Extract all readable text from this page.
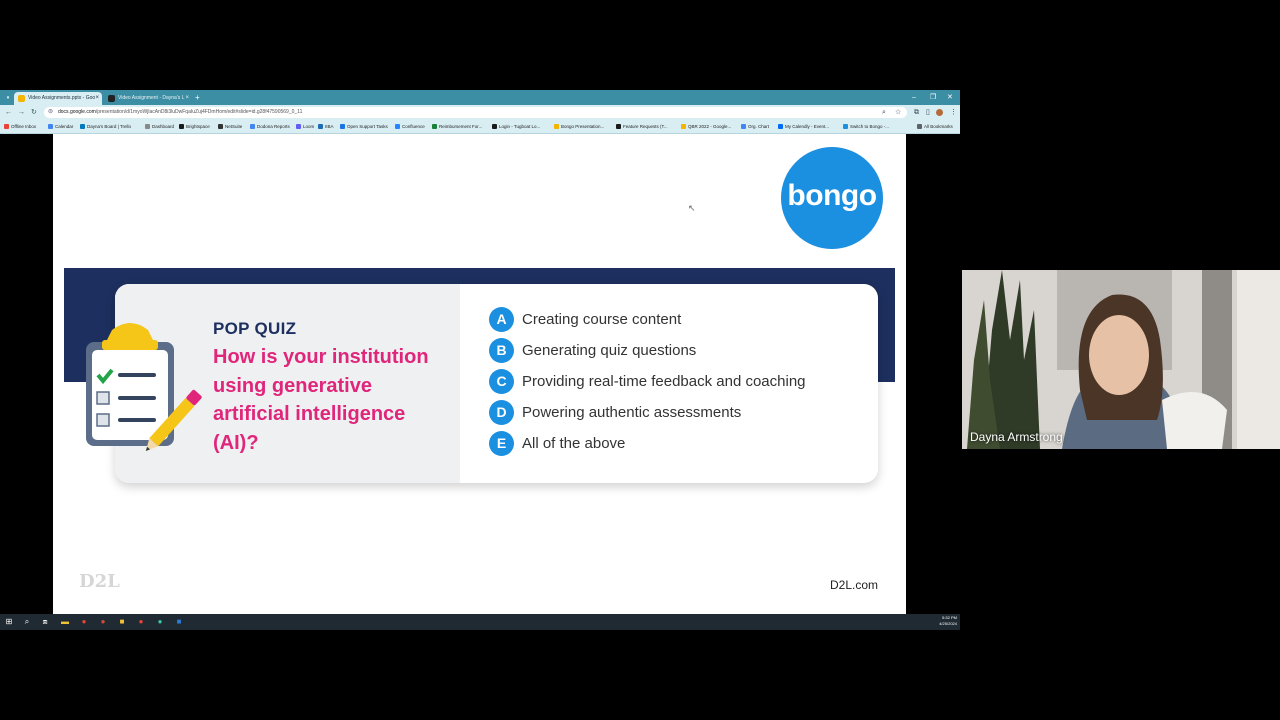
▾	Video Assignments.pptx - Goo ×	Video Assignment - Dayna's L × +	– ❐ ✕
← → ↻ ⊜ docs.google.com/presentation/d/1myoWjlacAnD8i3luDwFqaIuZuj4FDmHom/edit#slide=id.g28f47590569_0_11	⌕ ☆ ⧉ ▯	⋮
Offline Inbox	Calendar	Dayna's Board | Trello	Dashboard	Brightspace	NetSuite	Dodona Reports	Loom	IIBA	Open Support Tasks	Confluence	Reimbursement For...	Login - Tugboat Lo...	Bongo Presentation...	Feature Requests (T...	QBR 2022 - Google...	Org. Chart	My Calendly - Event...	Switch to Bongo -...	All Bookmarks
bongo
↖
POP QUIZ
How is your institution using generative artificial intelligence (AI)?
A	Creating course content
B	Generating quiz questions
C	Providing real-time feedback and coaching
D	Powering authentic assessments
E	All of the above
D2L	D2L.com
⊞	⌕	⧈	▬	●	●	■	●	●	■	5:32 PM
4/25/2024
Dayna Armstrong
